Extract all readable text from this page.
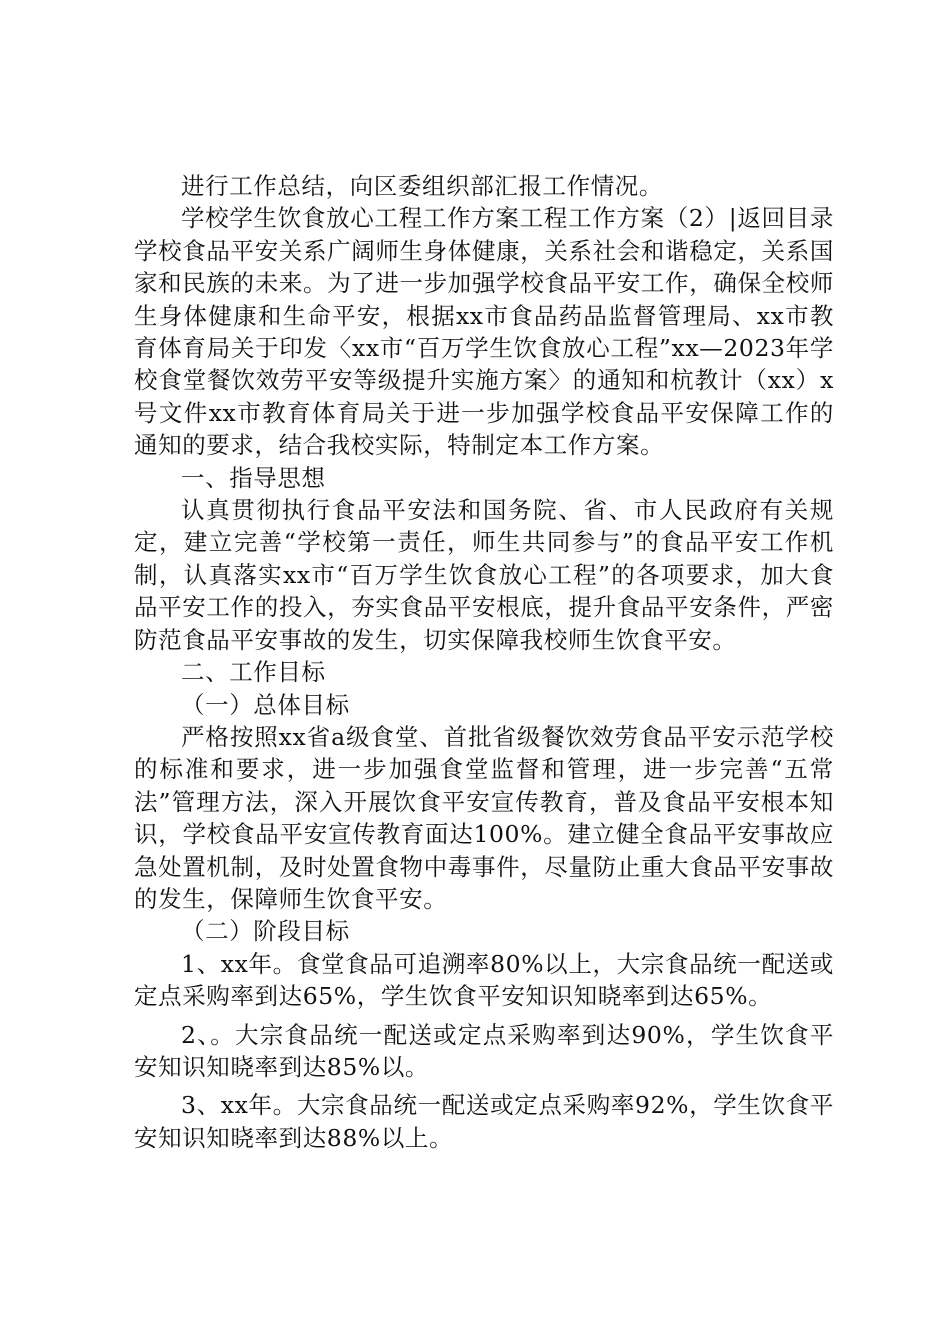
进行工作总结，向区委组织部汇报工作情况。

学校学生饮食放心工程工作方案工程工作方案（2）|返回目录学校食品平安关系广阔师生身体健康，关系社会和谐稳定，关系国家和民族的未来。为了进一步加强学校食品平安工作，确保全校师生身体健康和生命平安，根据xx市食品药品监督管理局、xx市教育体育局关于印发〈xx市“百万学生饮食放心工程”xx—2023年学校食堂餐饮效劳平安等级提升实施方案〉的通知和杭教计（xx）x号文件xx市教育体育局关于进一步加强学校食品平安保障工作的通知的要求，结合我校实际，特制定本工作方案。

一、指导思想

认真贯彻执行食品平安法和国务院、省、市人民政府有关规定，建立完善“学校第一责任，师生共同参与”的食品平安工作机制，认真落实xx市“百万学生饮食放心工程”的各项要求，加大食品平安工作的投入，夯实食品平安根底，提升食品平安条件，严密防范食品平安事故的发生，切实保障我校师生饮食平安。

二、工作目标

（一）总体目标

严格按照xx省a级食堂、首批省级餐饮效劳食品平安示范学校的标准和要求，进一步加强食堂监督和管理，进一步完善“五常法”管理方法，深入开展饮食平安宣传教育，普及食品平安根本知识，学校食品平安宣传教育面达100%。建立健全食品平安事故应急处置机制，及时处置食物中毒事件，尽量防止重大食品平安事故的发生，保障师生饮食平安。

（二）阶段目标

1、xx年。食堂食品可追溯率80%以上，大宗食品统一配送或定点采购率到达65%，学生饮食平安知识知晓率到达65%。

2、。大宗食品统一配送或定点采购率到达90%，学生饮食平安知识知晓率到达85%以。

3、xx年。大宗食品统一配送或定点采购率92%，学生饮食平安知识知晓率到达88%以上。
